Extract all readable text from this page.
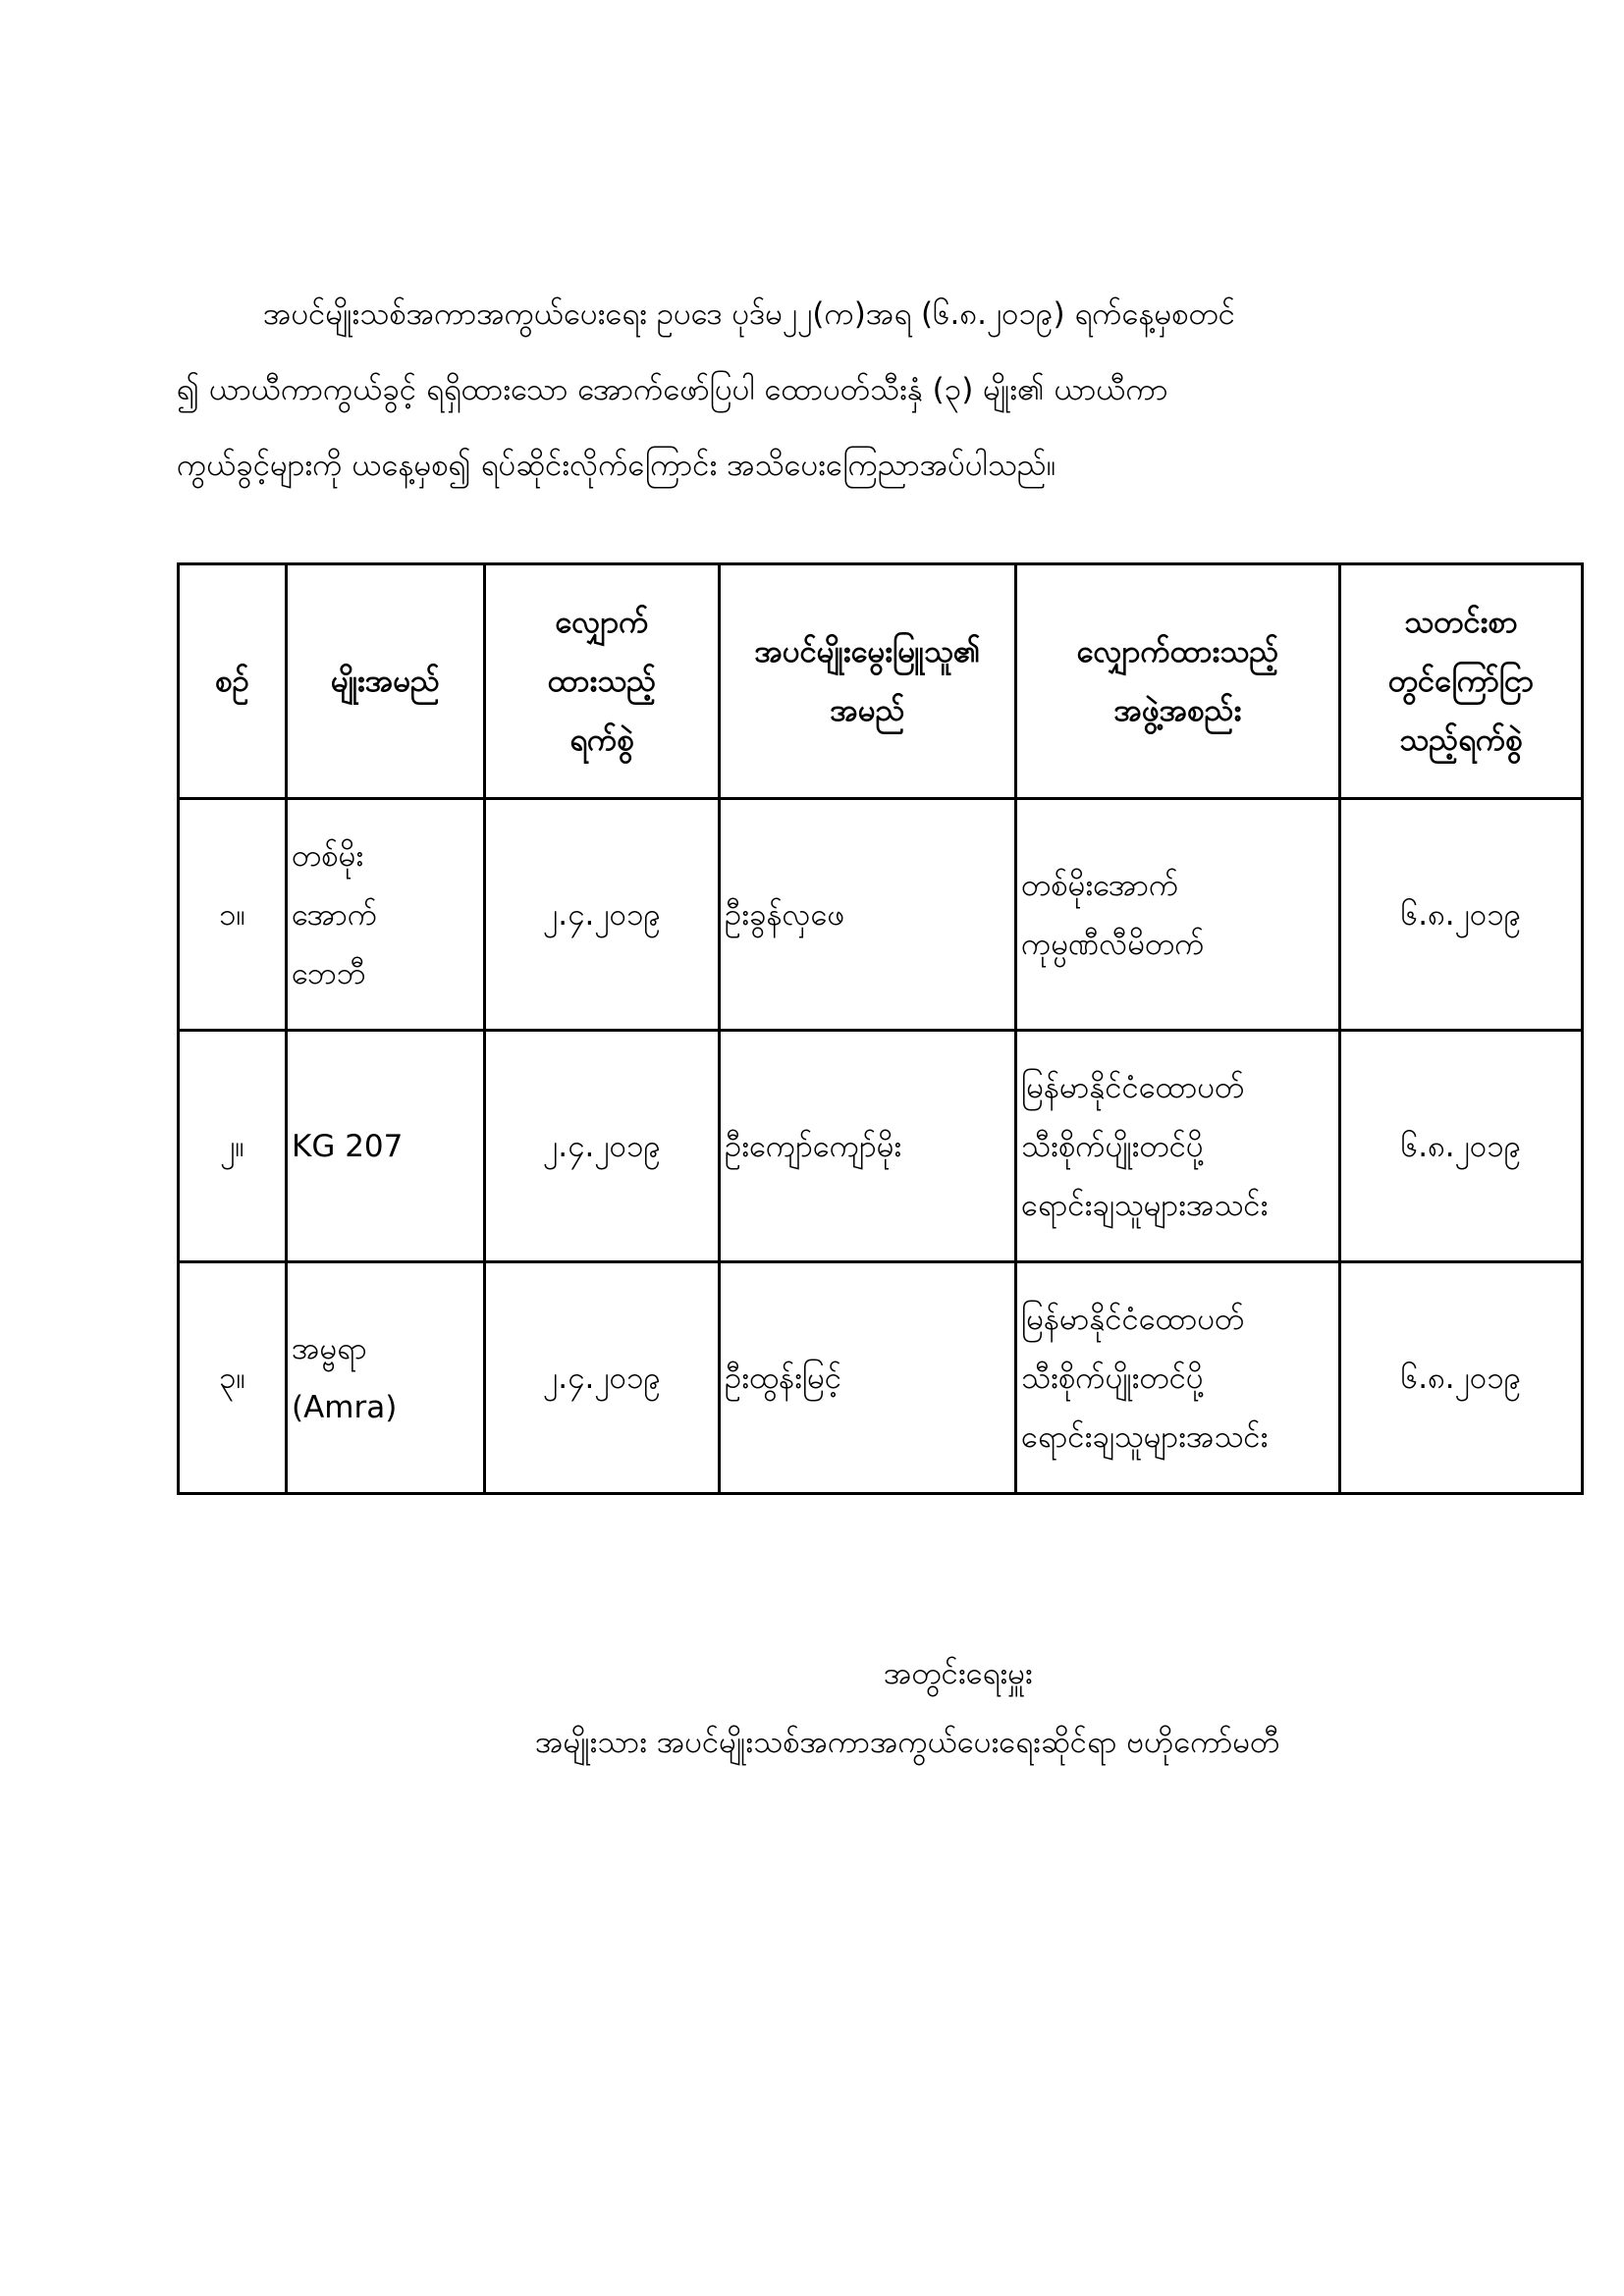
အပင်မျိုးသစ်အကာအကွယ်ပေးရေး ဥပဒေ ပုဒ်မ၂၂(က)အရ (၆.၈.၂၀၁၉) ရက်နေ့မှစတင်
၍ ယာယီကာကွယ်ခွင့် ရရှိထားသော အောက်ဖော်ပြပါ ထောပတ်သီးနှံ (၃) မျိုး၏ ယာယီကာ
ကွယ်ခွင့်များကို ယနေ့မှစ၍ ရပ်ဆိုင်းလိုက်ကြောင်း အသိပေးကြေညာအပ်ပါသည်။
စဉ်	မျိုးအမည်	လျှောက်
ထားသည့်
ရက်စွဲ	အပင်မျိုးမွေးမြူသူ၏
အမည်	လျှောက်ထားသည့်
အဖွဲ့အစည်း	သတင်းစာ
တွင်ကြော်ငြာ
သည့်ရက်စွဲ

၁။	တစ်မိုး
အောက်
ဘေဘီ	၂.၄.၂၀၁၉	ဦးခွန်လှဖေ	တစ်မိုးအောက်
ကုမ္ပဏီလီမိတက်	၆.၈.၂၀၁၉
၂။	KG 207	၂.၄.၂၀၁၉	ဦးကျော်ကျော်မိုး	မြန်မာနိုင်ငံထောပတ်
သီးစိုက်ပျိုးတင်ပို့
ရောင်းချသူများအသင်း	၆.၈.၂၀၁၉
၃။	အမ္ဗရာ
(Amra)	၂.၄.၂၀၁၉	ဦးထွန်းမြင့်	မြန်မာနိုင်ငံထောပတ်
သီးစိုက်ပျိုးတင်ပို့
ရောင်းချသူများအသင်း	၆.၈.၂၀၁၉
အတွင်းရေးမှူး
အမျိုးသား အပင်မျိုးသစ်အကာအကွယ်ပေးရေးဆိုင်ရာ ဗဟိုကော်မတီ
